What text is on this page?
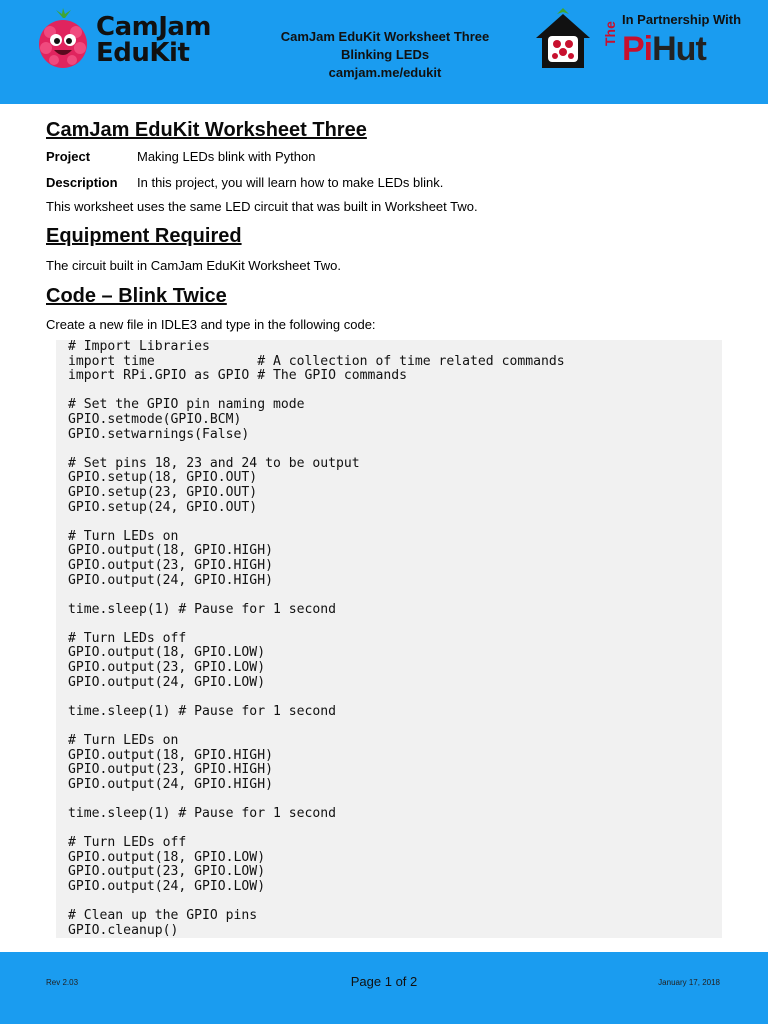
CamJam
EduKit
CamJam EduKit Worksheet Three
Blinking LEDs
camjam.me/edukit
In Partnership With
The PiHut
CamJam EduKit Worksheet Three
Project	Making LEDs blink with Python
Description	In this project, you will learn how to make LEDs blink.
This worksheet uses the same LED circuit that was built in Worksheet Two.
Equipment Required
The circuit built in CamJam EduKit Worksheet Two.
Code – Blink Twice
Create a new file in IDLE3 and type in the following code:
# Import Libraries
import time             # A collection of time related commands
import RPi.GPIO as GPIO # The GPIO commands

# Set the GPIO pin naming mode
GPIO.setmode(GPIO.BCM)
GPIO.setwarnings(False)

# Set pins 18, 23 and 24 to be output
GPIO.setup(18, GPIO.OUT)
GPIO.setup(23, GPIO.OUT)
GPIO.setup(24, GPIO.OUT)

# Turn LEDs on
GPIO.output(18, GPIO.HIGH)
GPIO.output(23, GPIO.HIGH)
GPIO.output(24, GPIO.HIGH)

time.sleep(1) # Pause for 1 second

# Turn LEDs off
GPIO.output(18, GPIO.LOW)
GPIO.output(23, GPIO.LOW)
GPIO.output(24, GPIO.LOW)

time.sleep(1) # Pause for 1 second

# Turn LEDs on
GPIO.output(18, GPIO.HIGH)
GPIO.output(23, GPIO.HIGH)
GPIO.output(24, GPIO.HIGH)

time.sleep(1) # Pause for 1 second

# Turn LEDs off
GPIO.output(18, GPIO.LOW)
GPIO.output(23, GPIO.LOW)
GPIO.output(24, GPIO.LOW)

# Clean up the GPIO pins
GPIO.cleanup()
Rev 2.03	Page 1 of 2	January 17, 2018
